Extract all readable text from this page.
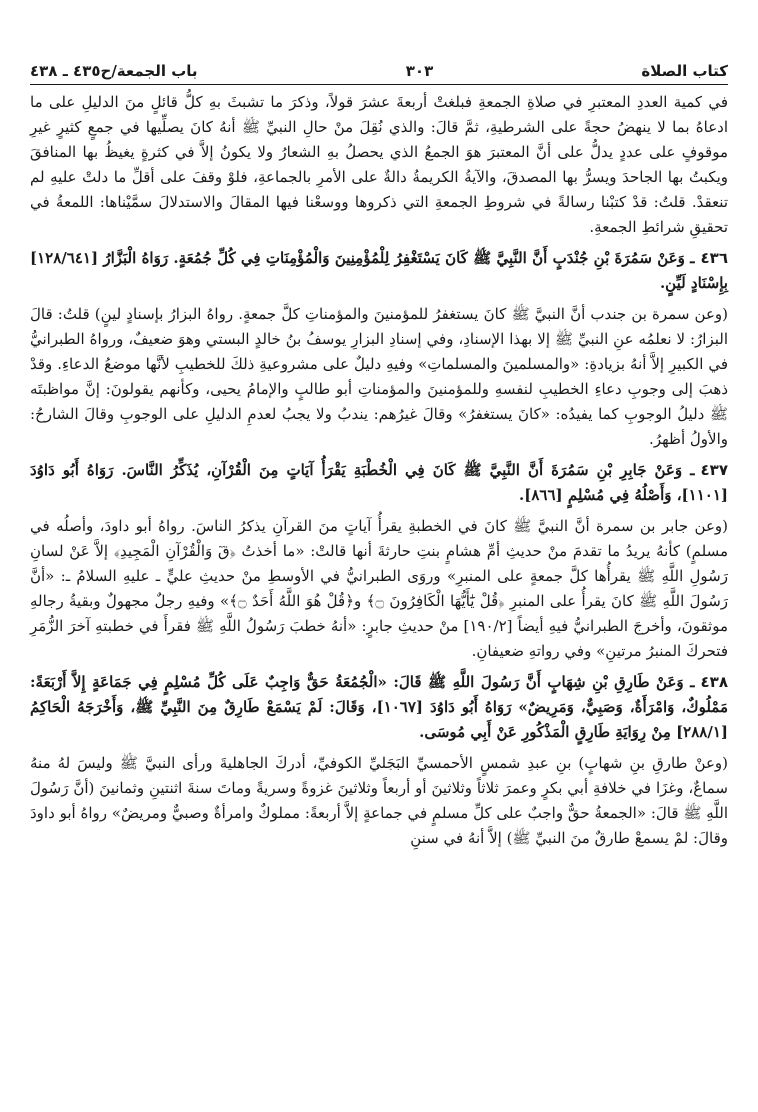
باب الجمعة/ح٤٣٥ ـ ٤٣٨	٣٠٣	كتاب الصلاة

في كمية العددِ المعتبرِ في صلاةِ الجمعةِ فبلغتْ أربعةَ عشرَ قولاً، وذكرَ ما تشبثَ بهِ كلُّ قائلٍ منَ الدليلِ على ما ادعاهُ بما لا ينهضُ حجةً على الشرطيةِ، ثمَّ قالَ: والذي نُقِلَ منْ حالِ النبيِّ ﷺ أنهُ كانَ يصلِّيها في جمعٍ كثيرٍ غيرِ موقوفٍ على عددٍ يدلُّ على أنَّ المعتبرَ هوَ الجمعُ الذي يحصلُ بهِ الشعارُ ولا يكونُ إلاَّ في كثرةٍ يغيظُ بها المنافقَ ويكبتُ بها الجاحدَ ويسرُّ بها المصدقَ، والآيةُ الكريمةُ دالةٌ على الأمرِ بالجماعةِ، فلوْ وقفَ على أقلِّ ما دلتْ عليهِ لم تنعقدْ. قلتُ: قدْ كتبْنا رسالةً في شروطِ الجمعةِ التي ذكروها ووسعْنا فيها المقالَ والاستدلالَ سمَّيْناها: اللمعةُ في تحقيقِ شرائطِ الجمعةِ.

٤٣٦ـ وَعَنْ سَمُرَةَ بْنِ جُنْدَبٍ أَنَّ النَّبِيَّ ﷺ كَانَ يَسْتَغْفِرُ لِلْمُؤْمِنِينَ وَالْمُؤْمِنَاتِ فِي كُلِّ جُمُعَةٍ. رَوَاهُ الْبَزَّارُ [١٢٨/٦٤١] بِإِسْنَادٍ لَيِّنٍ.

(وعن سمرة بن جندب أنَّ النبيَّ ﷺ كانَ يستغفرُ للمؤمنينَ والمؤمناتِ كلَّ جمعةٍ. رواهُ البزارُ بإسنادٍ لينٍ) قلتُ: قالَ البزارُ: لا نعلمُه عنِ النبيِّ ﷺ إلا بهذا الإسنادِ، وفي إسنادِ البزارِ يوسفُ بنُ خالدٍ البستي وهوَ ضعيفٌ، ورواهُ الطبرانيُّ في الكبيرِ إلاَّ أنهُ بزيادةِ: «والمسلمينَ والمسلماتِ» وفيهِ دليلٌ على مشروعيةِ ذلكَ للخطيبِ لأنَّها موضعُ الدعاءِ. وقدْ ذهبَ إلى وجوبِ دعاءِ الخطيبِ لنفسهِ وللمؤمنينَ والمؤمناتِ أبو طالبٍ والإمامُ يحيى، وكأنهم يقولونَ: إنَّ مواظبتَه ﷺ دليلُ الوجوبِ كما يفيدُه: «كانَ يستغفرُ» وقالَ غيرُهم: يندبُ ولا يجبُ لعدمِ الدليلِ على الوجوبِ وقالَ الشارحُ: والأولُ أظهرُ.

٤٣٧ـ وَعَنْ جَابِرِ بْنِ سَمُرَةَ أَنَّ النَّبِيَّ ﷺ كَانَ فِي الْخُطْبَةِ يَقْرَأُ آيَاتٍ مِنَ الْقُرْآنِ، يُذَكِّرُ النَّاسَ. رَوَاهُ أَبُو دَاوُدَ [١١٠١]، وَأَصْلُهُ فِي مُسْلِمٍ [٨٦٦].

(وعن جابر بن سمرة أنَّ النبيَّ ﷺ كانَ في الخطبةِ يقرأُ آياتٍ منَ القرآنِ يذكرُ الناسَ. رواهُ أبو داودَ، وأصلُه في مسلمٍ) كأنهُ يريدُ ما تقدمَ منْ حديثِ أمِّ هشامٍ بنتِ حارثةَ أنها قالتْ: «ما أخذتُ ﴿قٓ وَالْقُرْآنِ الْمَجِيدِ﴾ إلاَّ عَنْ لسانِ رَسُولِ اللَّهِ ﷺ يقرأُها كلَّ جمعةٍ على المنبرِ» وروَى الطبرانيُّ في الأوسطِ منْ حديثِ عليٍّ ـ عليهِ السلامُ ـ: «أنَّ رَسُولَ اللَّهِ ﷺ كانَ يقرأُ على المنبرِ ﴿قُلْ يَٰٓأَيُّهَا الْكَافِرُونَ ۝﴾ و﴿قُلْ هُوَ اللَّهُ أَحَدٌ ۝﴾» وفيهِ رجلٌ مجهولٌ وبقيةُ رجالهِ موثقونَ، وأخرجَ الطبرانيُّ فيهِ أيضاً [١٩٠/٢] منْ حديثِ جابرٍ: «أنهُ خطبَ رَسُولُ اللَّهِ ﷺ فقرأَ في خطبتهِ آخرَ الزُّمَرِ فتحركَ المنبرُ مرتينِ» وفي رواتهِ ضعيفانِ.

٤٣٨ـ وَعَنْ طَارِقِ بْنِ شِهَابٍ أَنَّ رَسُولَ اللَّهِ ﷺ قَالَ: «الْجُمُعَةُ حَقٌّ وَاجِبٌ عَلَى كُلِّ مُسْلِمٍ فِي جَمَاعَةٍ إِلاَّ أَرْبَعَةً: مَمْلُوكٌ، وَامْرَأَةٌ، وَصَبِيٌّ، وَمَرِيضٌ» رَوَاهُ أَبُو دَاوُدَ [١٠٦٧]، وَقَالَ: لَمْ يَسْمَعْ طَارِقٌ مِنَ النَّبِيِّ ﷺ، وَأَخْرَجَهُ الْحَاكِمُ [٢٨٨/١] مِنْ رِوَايَةِ طَارِقٍ الْمَذْكُورِ عَنْ أَبِي مُوسَى.

(وعنْ طارقِ بنِ شهابٍ) بنِ عبدِ شمسٍ الأحمسيِّ البَجَليِّ الكوفيِّ، أدركَ الجاهليةَ ورأى النبيَّ ﷺ وليسَ لهُ منهُ سماعٌ، وغزَا في خلافةِ أبي بكرٍ وعمرَ ثلاثاً وثلاثينَ أو أربعاً وثلاثينَ غزوةً وسريةً وماتَ سنةَ اثنتينِ وثمانينَ (أنَّ رَسُولَ اللَّهِ ﷺ قالَ: «الجمعةُ حقٌّ واجبٌ على كلِّ مسلمٍ في جماعةٍ إلاَّ أربعةً: مملوكٌ وامرأةٌ وصبيٌّ ومريضٌ» رواهُ أبو داودَ وقالَ: لمْ يسمعْ طارقٌ منَ النبيِّ ﷺ) إلاَّ أنهُ في سننِ
